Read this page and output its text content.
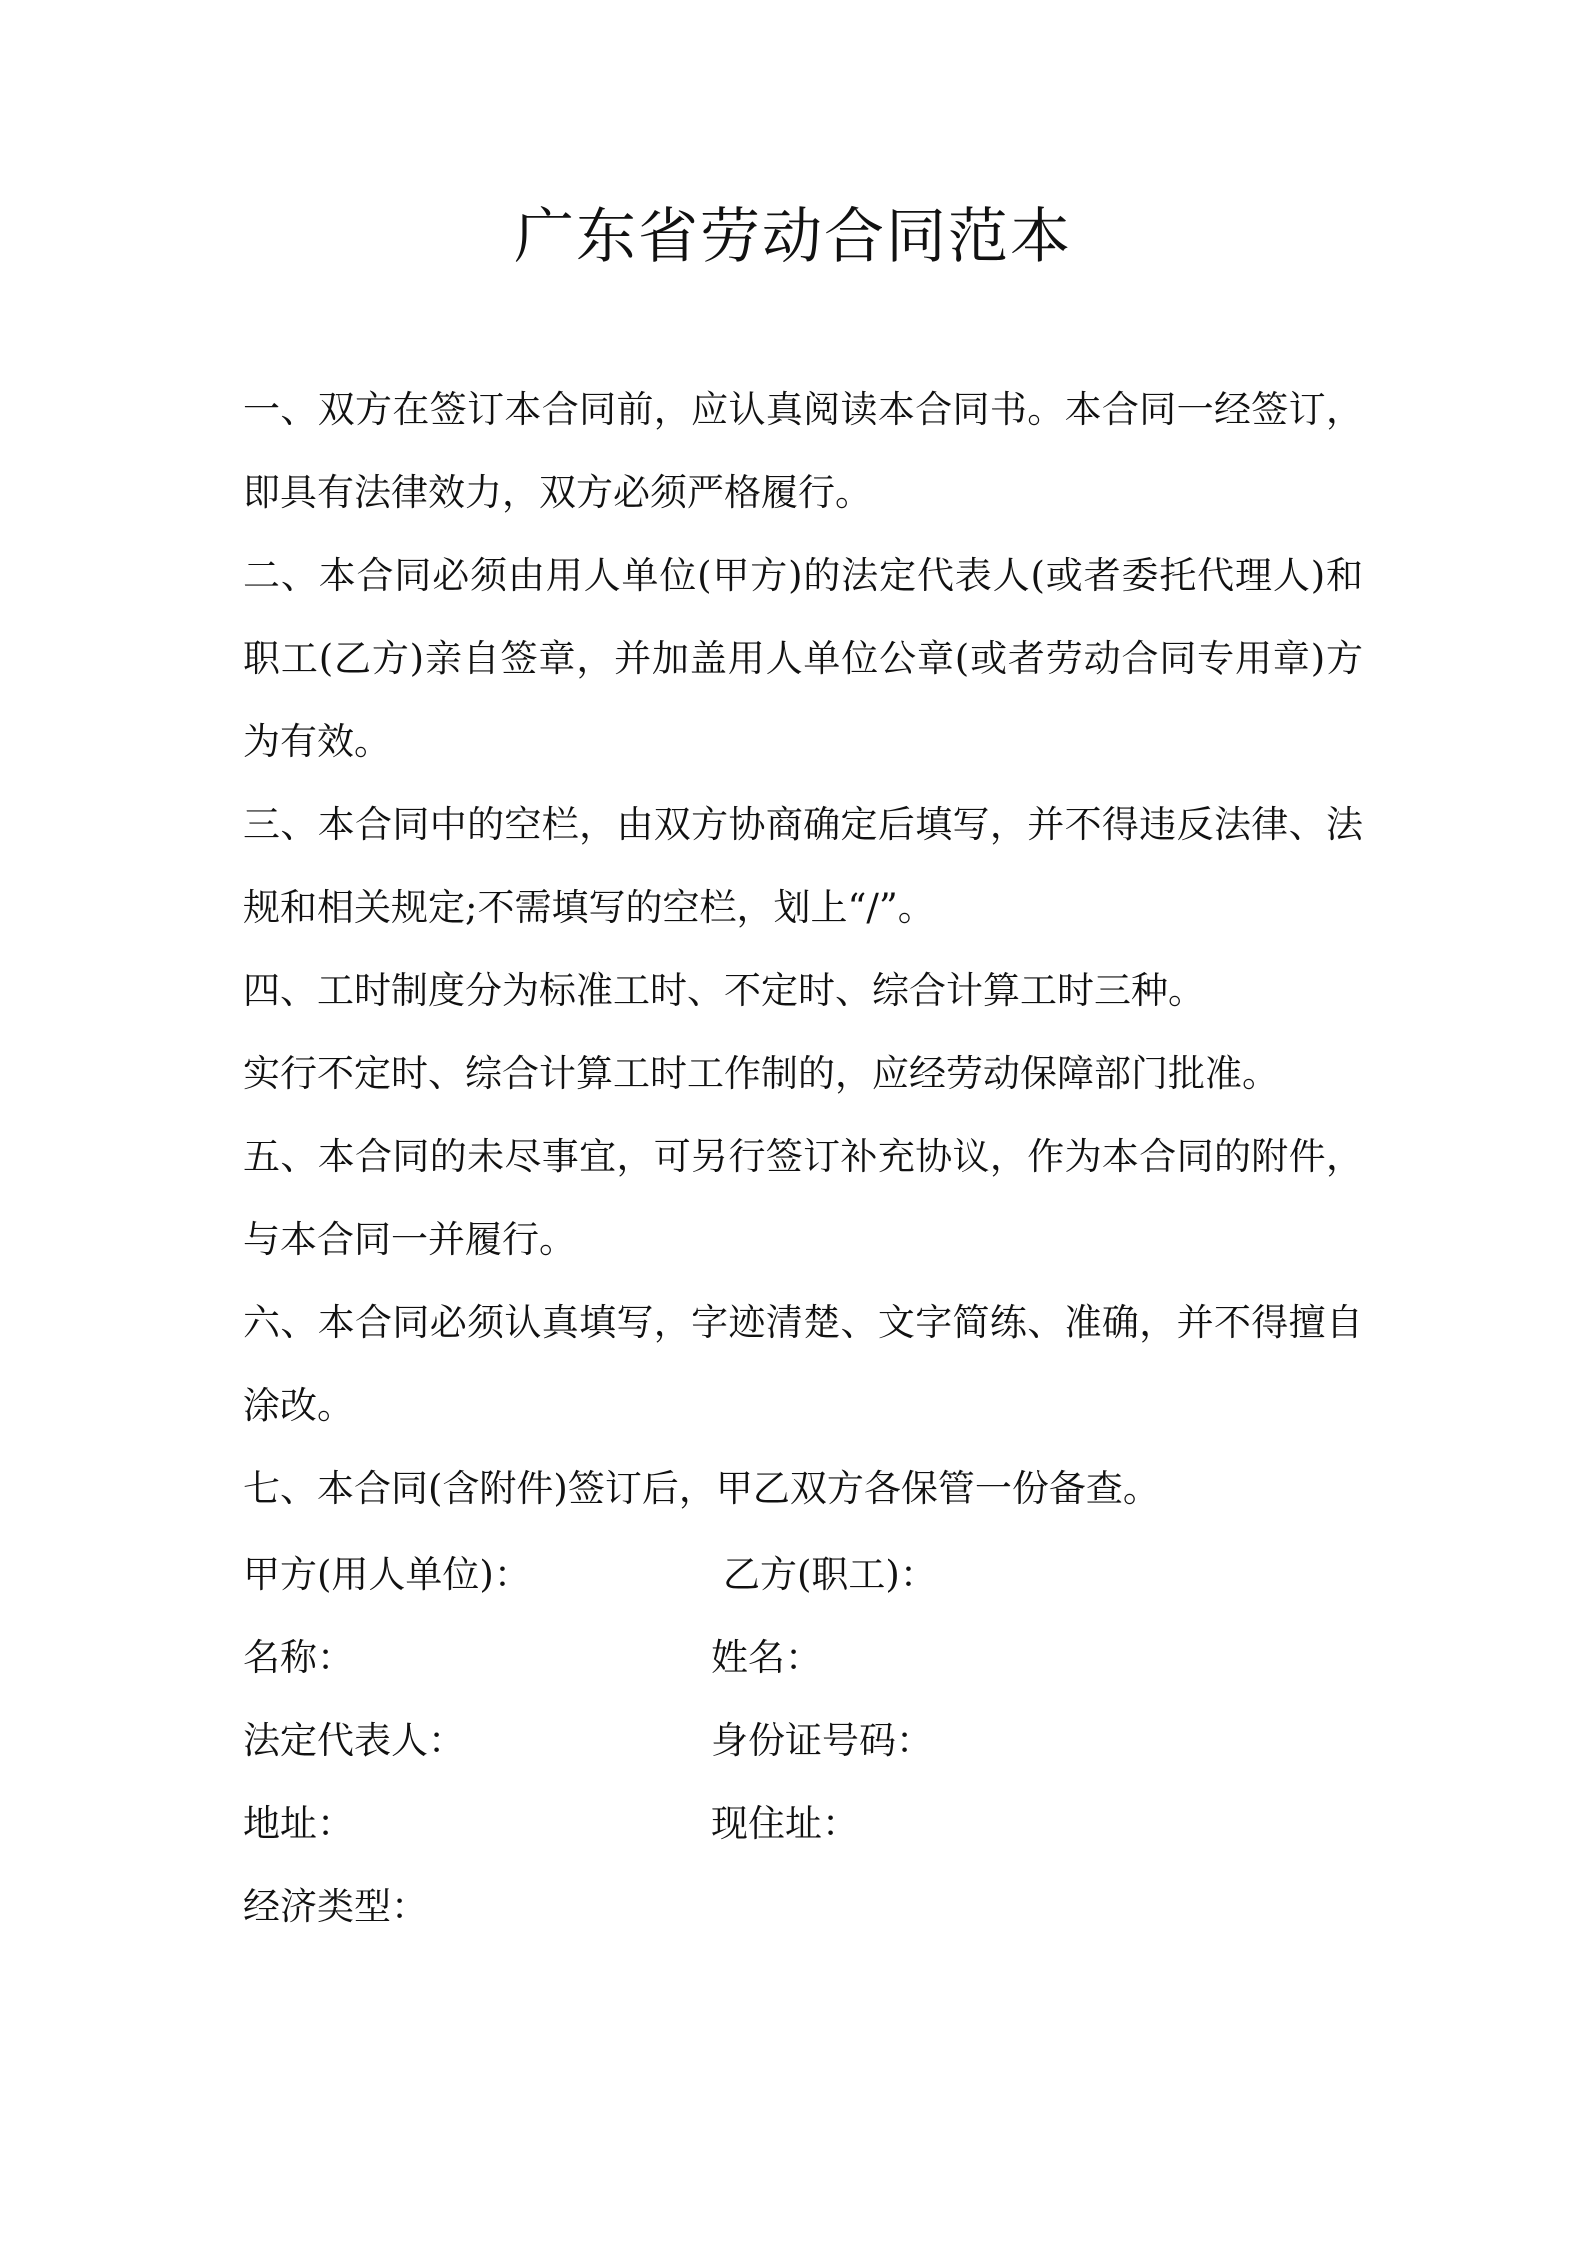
广东省劳动合同范本

一、双方在签订本合同前，应认真阅读本合同书。本合同一经签订，

即具有法律效力，双方必须严格履行。

二、本合同必须由用人单位(甲方)的法定代表人(或者委托代理人)和

职工(乙方)亲自签章，并加盖用人单位公章(或者劳动合同专用章)方

为有效。

三、本合同中的空栏，由双方协商确定后填写，并不得违反法律、法

规和相关规定;不需填写的空栏，划上“/”。

四、工时制度分为标准工时、不定时、综合计算工时三种。

实行不定时、综合计算工时工作制的，应经劳动保障部门批准。

五、本合同的未尽事宜，可另行签订补充协议，作为本合同的附件，

与本合同一并履行。

六、本合同必须认真填写，字迹清楚、文字简练、准确，并不得擅自

涂改。

七、本合同(含附件)签订后，甲乙双方各保管一份备查。

甲方(用人单位)：	乙方(职工)：
名称：	姓名：
法定代表人：	身份证号码：
地址：	现住址：
经济类型：
